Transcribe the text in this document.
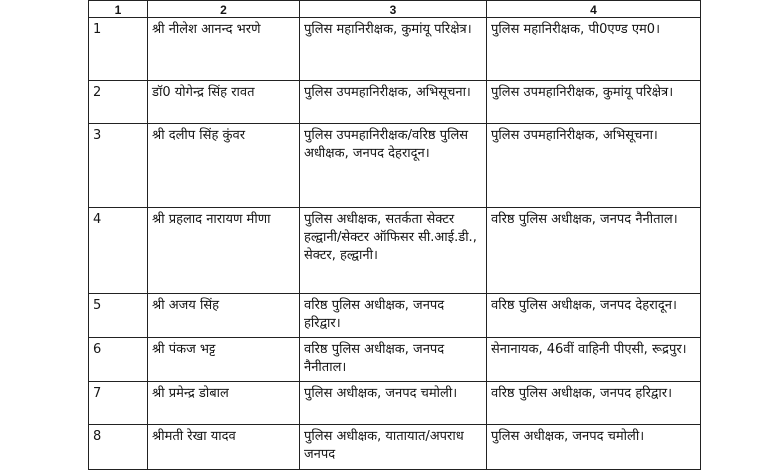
1	2	3	4
1	श्री नीलेश आनन्द भरणे	पुलिस महानिरीक्षक, कुमांयू परिक्षेत्र।	पुलिस महानिरीक्षक, पी0एण्ड एम0।
2	डॉ0 योगेन्द्र सिंह रावत	पुलिस उपमहानिरीक्षक, अभिसूचना।	पुलिस उपमहानिरीक्षक, कुमांयू परिक्षेत्र।
3	श्री दलीप सिंह कुंवर	पुलिस उपमहानिरीक्षक/वरिष्ठ पुलिस अधीक्षक, जनपद देहरादून।	पुलिस उपमहानिरीक्षक, अभिसूचना।
4	श्री प्रहलाद नारायण मीणा	पुलिस अधीक्षक, सतर्कता सेक्टर हल्द्वानी/सेक्टर ऑफिसर सी.आई.डी., सेक्टर, हल्द्वानी।	वरिष्ठ पुलिस अधीक्षक, जनपद नैनीताल।
5	श्री अजय सिंह	वरिष्ठ पुलिस अधीक्षक, जनपद हरिद्वार।	वरिष्ठ पुलिस अधीक्षक, जनपद देहरादून।
6	श्री पंकज भट्ट	वरिष्ठ पुलिस अधीक्षक, जनपद नैनीताल।	सेनानायक, 46वीं वाहिनी पीएसी, रूद्रपुर।
7	श्री प्रमेन्द्र डोबाल	पुलिस अधीक्षक, जनपद चमोली।	वरिष्ठ पुलिस अधीक्षक, जनपद हरिद्वार।
8	श्रीमती रेखा यादव	पुलिस अधीक्षक, यातायात/अपराध जनपद	पुलिस अधीक्षक, जनपद चमोली।
